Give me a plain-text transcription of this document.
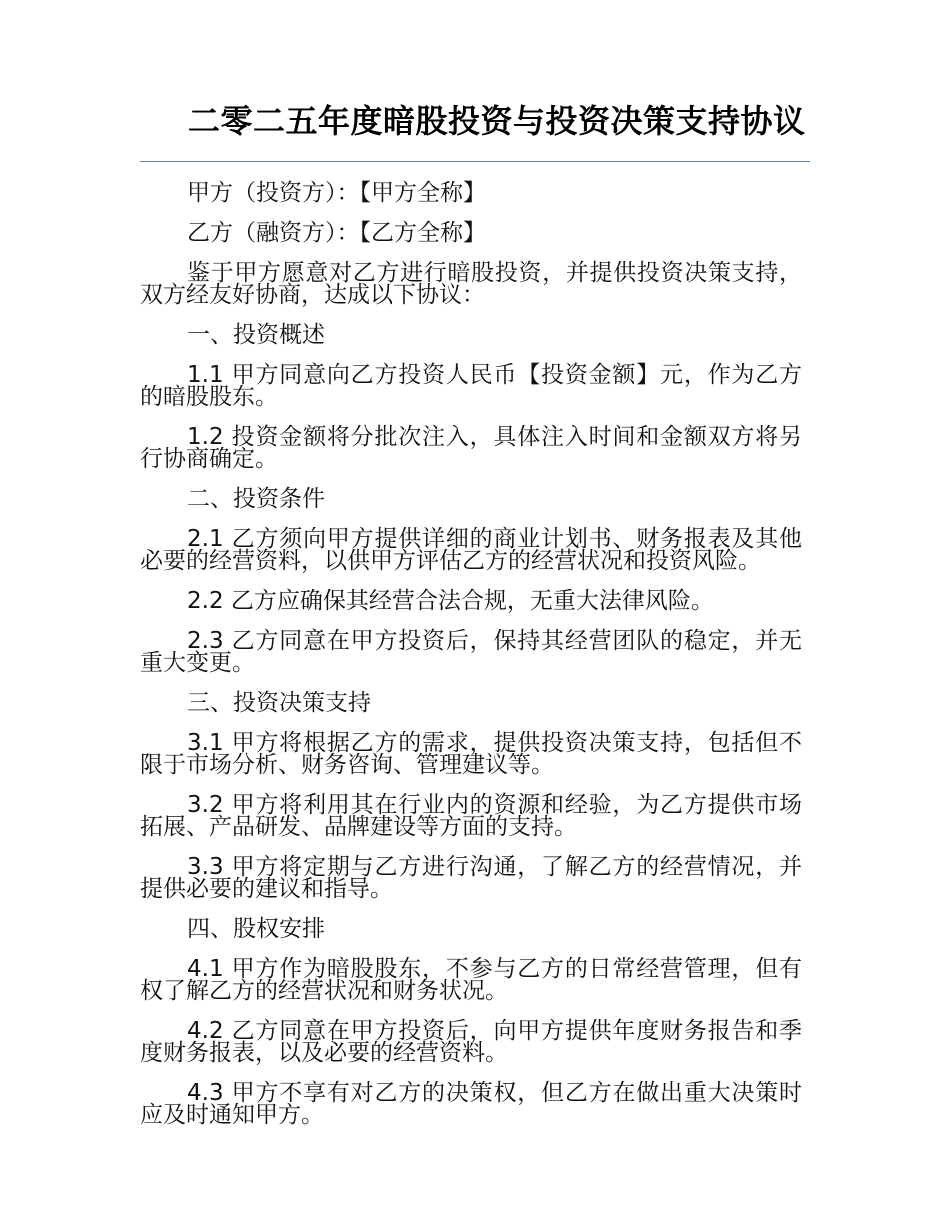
二零二五年度暗股投资与投资决策支持协议
甲方（投资方）：【甲方全称】
乙方（融资方）：【乙方全称】
鉴于甲方愿意对乙方进行暗股投资，并提供投资决策支持，双方经友好协商，达成以下协议：
一、投资概述
1.1 甲方同意向乙方投资人民币【投资金额】元，作为乙方的暗股股东。
1.2 投资金额将分批次注入，具体注入时间和金额双方将另行协商确定。
二、投资条件
2.1 乙方须向甲方提供详细的商业计划书、财务报表及其他必要的经营资料，以供甲方评估乙方的经营状况和投资风险。
2.2 乙方应确保其经营合法合规，无重大法律风险。
2.3 乙方同意在甲方投资后，保持其经营团队的稳定，并无重大变更。
三、投资决策支持
3.1 甲方将根据乙方的需求，提供投资决策支持，包括但不限于市场分析、财务咨询、管理建议等。
3.2 甲方将利用其在行业内的资源和经验，为乙方提供市场拓展、产品研发、品牌建设等方面的支持。
3.3 甲方将定期与乙方进行沟通，了解乙方的经营情况，并提供必要的建议和指导。
四、股权安排
4.1 甲方作为暗股股东，不参与乙方的日常经营管理，但有权了解乙方的经营状况和财务状况。
4.2 乙方同意在甲方投资后，向甲方提供年度财务报告和季度财务报表，以及必要的经营资料。
4.3 甲方不享有对乙方的决策权，但乙方在做出重大决策时应及时通知甲方。
